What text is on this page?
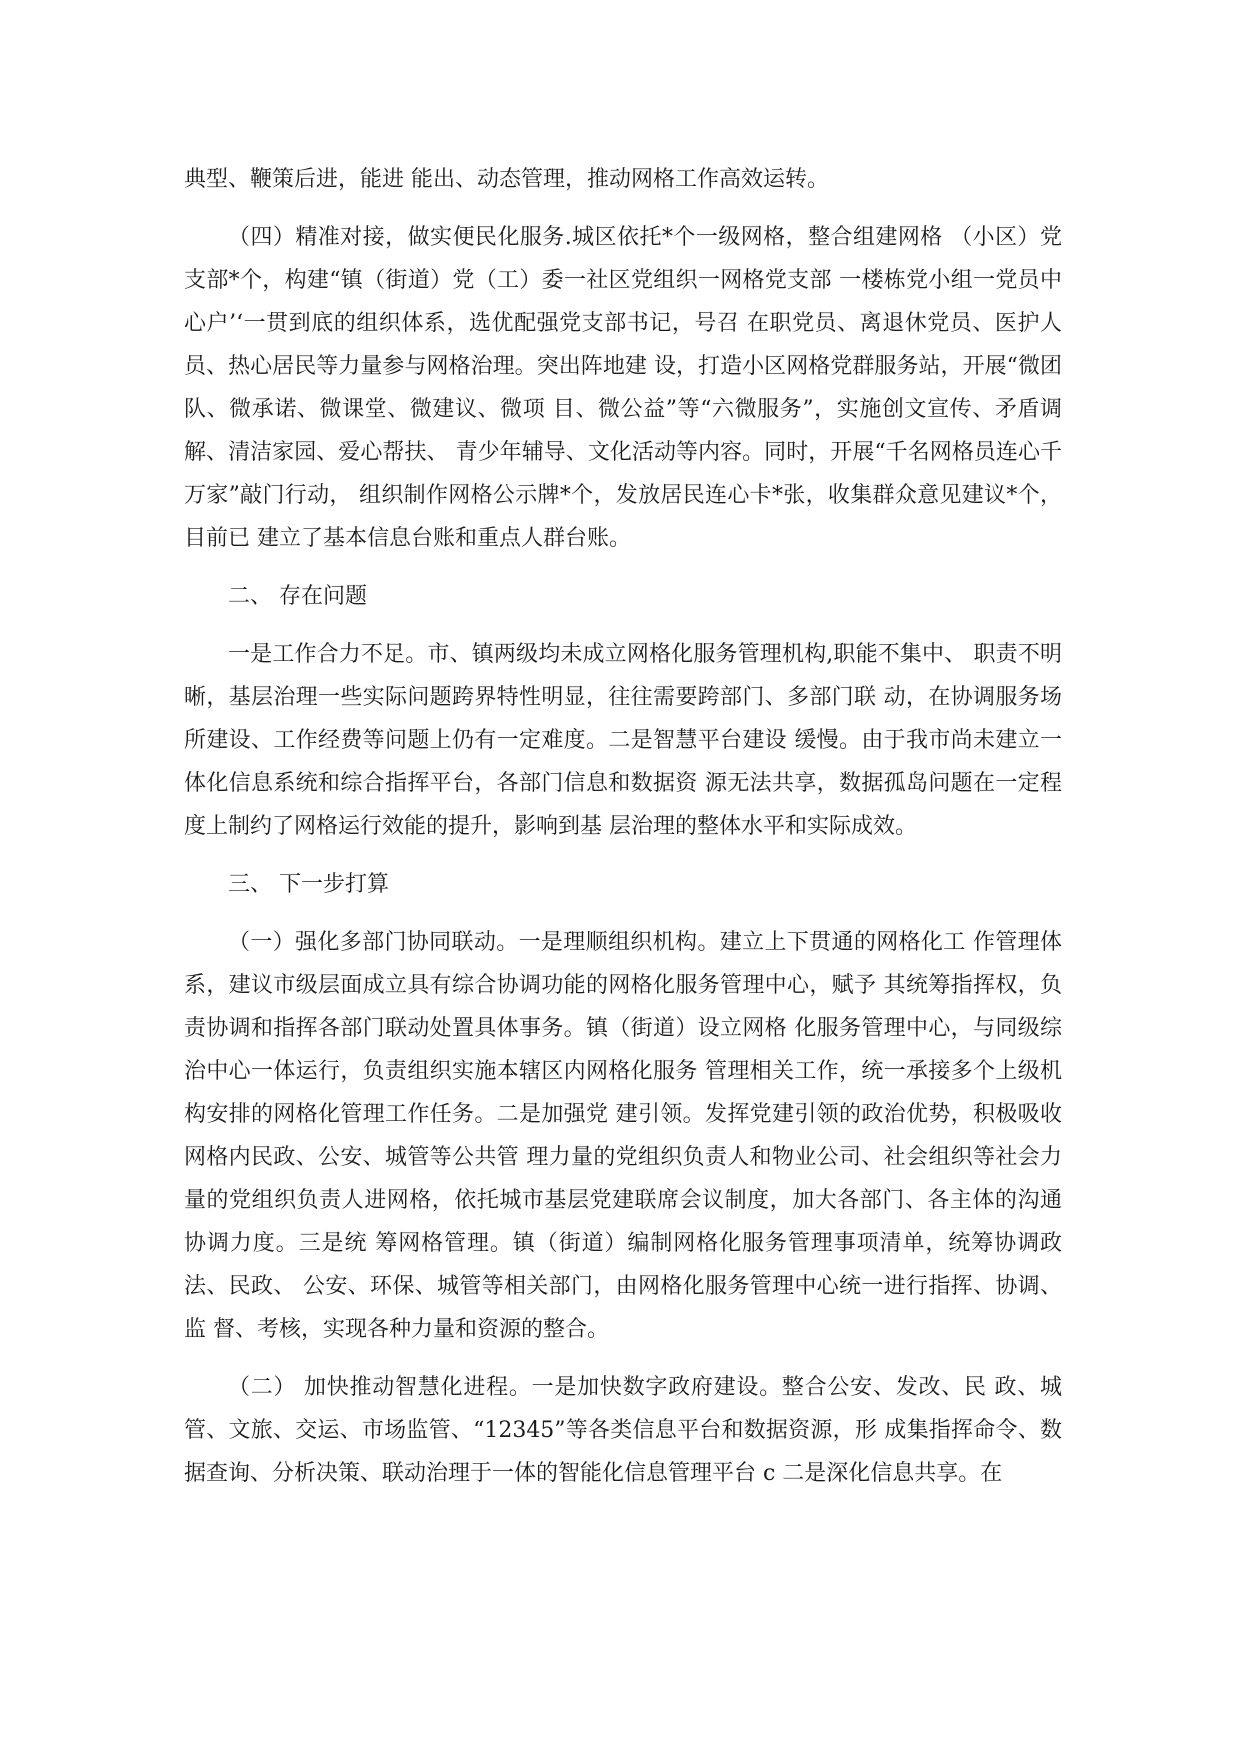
典型、鞭策后进，能进 能出、动态管理，推动网格工作高效运转。

（四）精准对接，做实便民化服务.城区依托*个一级网格，整合组建网格 （小区）党支部*个，构建“镇（街道）党（工）委一社区党组织一网格党支部 一楼栋党小组一党员中心户’‘一贯到底的组织体系，选优配强党支部书记，号召 在职党员、离退休党员、医护人员、热心居民等力量参与网格治理。突出阵地建 设，打造小区网格党群服务站，开展“微团队、微承诺、微课堂、微建议、微项 目、微公益”等“六微服务”，实施创文宣传、矛盾调解、清洁家园、爱心帮扶、 青少年辅导、文化活动等内容。同时，开展“千名网格员连心千万家”敲门行动， 组织制作网格公示牌*个，发放居民连心卡*张，收集群众意见建议*个，目前已 建立了基本信息台账和重点人群台账。

二、 存在问题

一是工作合力不足。市、镇两级均未成立网格化服务管理机构,职能不集中、 职责不明晰，基层治理一些实际问题跨界特性明显，往往需要跨部门、多部门联 动，在协调服务场所建设、工作经费等问题上仍有一定难度。二是智慧平台建设 缓慢。由于我市尚未建立一体化信息系统和综合指挥平台，各部门信息和数据资 源无法共享，数据孤岛问题在一定程度上制约了网格运行效能的提升，影响到基 层治理的整体水平和实际成效。

三、 下一步打算

（一）强化多部门协同联动。一是理顺组织机构。建立上下贯通的网格化工 作管理体系，建议市级层面成立具有综合协调功能的网格化服务管理中心，赋予 其统筹指挥权，负责协调和指挥各部门联动处置具体事务。镇（街道）设立网格 化服务管理中心，与同级综治中心一体运行，负责组织实施本辖区内网格化服务 管理相关工作，统一承接多个上级机构安排的网格化管理工作任务。二是加强党 建引领。发挥党建引领的政治优势，积极吸收网格内民政、公安、城管等公共管 理力量的党组织负责人和物业公司、社会组织等社会力量的党组织负责人进网格，依托城市基层党建联席会议制度，加大各部门、各主体的沟通协调力度。三是统 筹网格管理。镇（街道）编制网格化服务管理事项清单，统筹协调政法、民政、 公安、环保、城管等相关部门，由网格化服务管理中心统一进行指挥、协调、监 督、考核，实现各种力量和资源的整合。

（二） 加快推动智慧化进程。一是加快数字政府建设。整合公安、发改、民 政、城管、文旅、交运、市场监管、“12345”等各类信息平台和数据资源，形 成集指挥命令、数据查询、分析决策、联动治理于一体的智能化信息管理平台 c 二是深化信息共享。在
